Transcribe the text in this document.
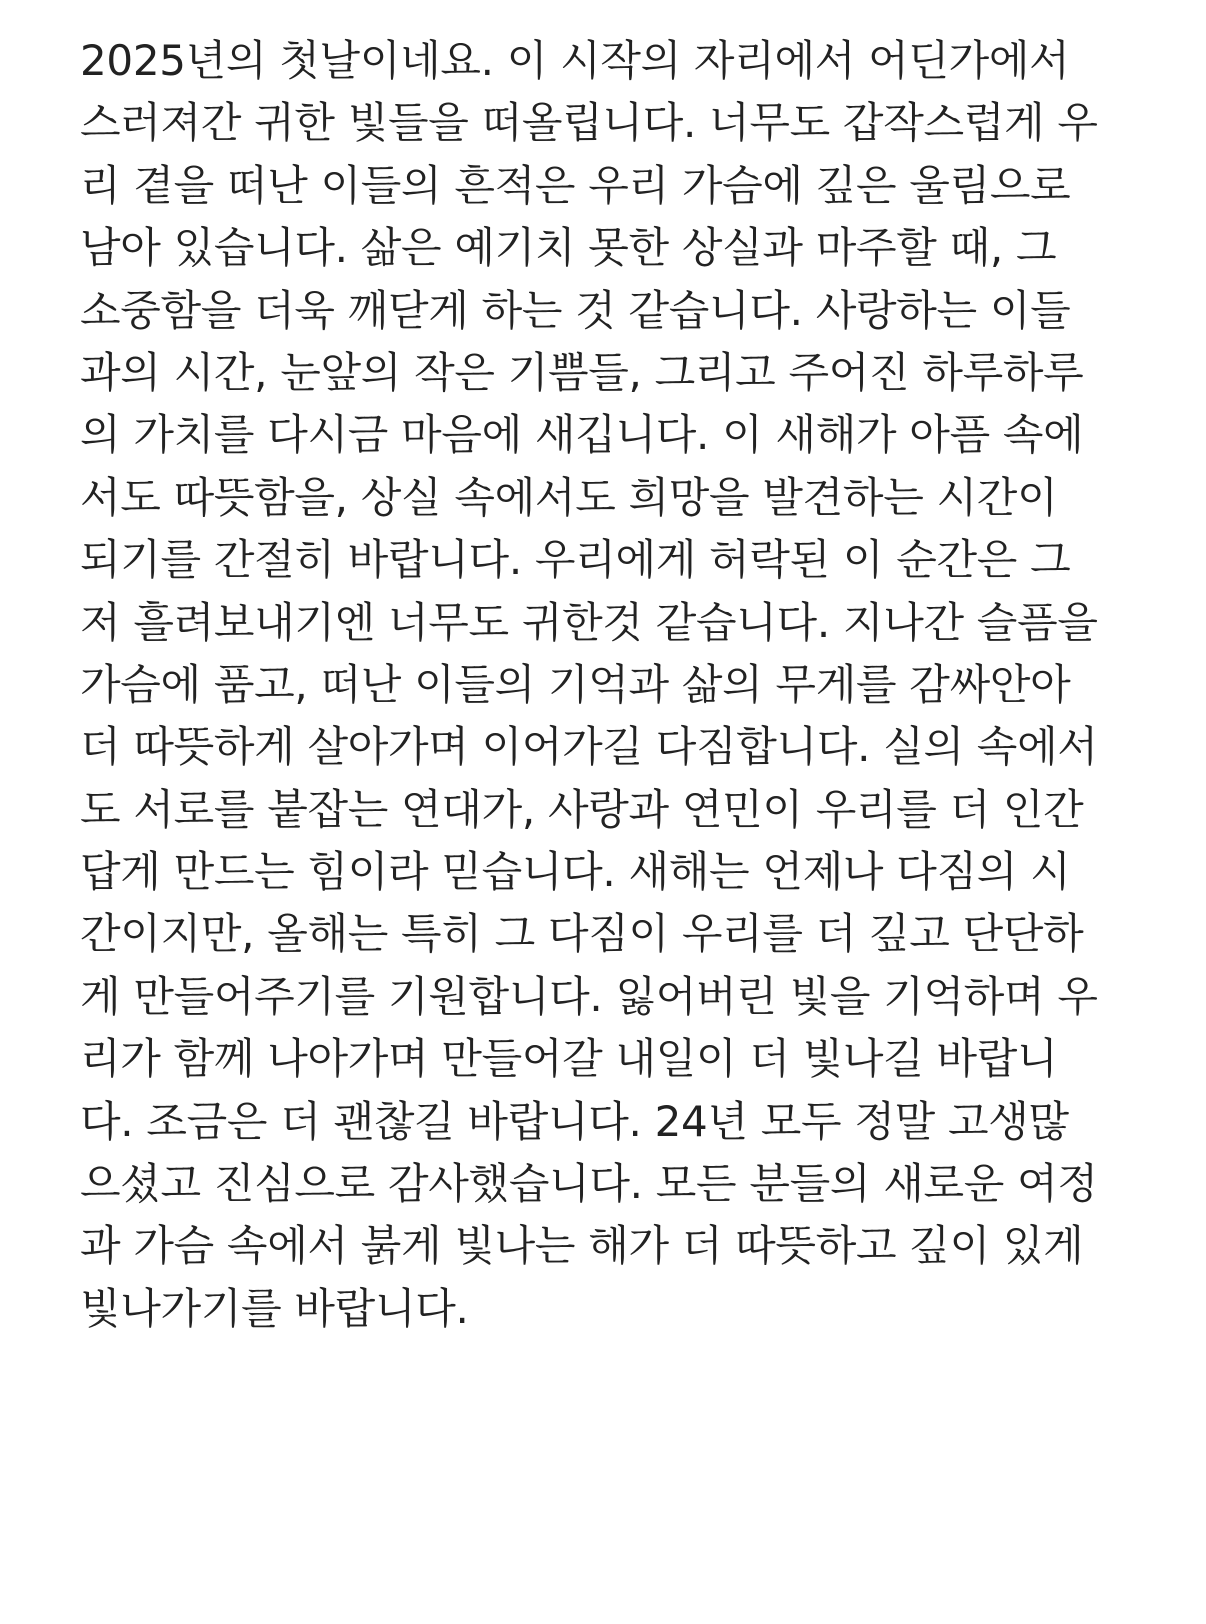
2025년의 첫날이네요. 이 시작의 자리에서 어딘가에서
스러져간 귀한 빛들을 떠올립니다. 너무도 갑작스럽게 우
리 곁을 떠난 이들의 흔적은 우리 가슴에 깊은 울림으로
남아 있습니다. 삶은 예기치 못한 상실과 마주할 때, 그
소중함을 더욱 깨닫게 하는 것 같습니다. 사랑하는 이들
과의 시간, 눈앞의 작은 기쁨들, 그리고 주어진 하루하루
의 가치를 다시금 마음에 새깁니다. 이 새해가 아픔 속에
서도 따뜻함을, 상실 속에서도 희망을 발견하는 시간이
되기를 간절히 바랍니다. 우리에게 허락된 이 순간은 그
저 흘려보내기엔 너무도 귀한것 같습니다. 지나간 슬픔을
가슴에 품고, 떠난 이들의 기억과 삶의 무게를 감싸안아
더 따뜻하게 살아가며 이어가길 다짐합니다. 실의 속에서
도 서로를 붙잡는 연대가, 사랑과 연민이 우리를 더 인간
답게 만드는 힘이라 믿습니다. 새해는 언제나 다짐의 시
간이지만, 올해는 특히 그 다짐이 우리를 더 깊고 단단하
게 만들어주기를 기원합니다. 잃어버린 빛을 기억하며 우
리가 함께 나아가며 만들어갈 내일이 더 빛나길 바랍니
다. 조금은 더 괜찮길 바랍니다. 24년 모두 정말 고생많
으셨고 진심으로 감사했습니다. 모든 분들의 새로운 여정
과 가슴 속에서 붉게 빛나는 해가 더 따뜻하고 깊이 있게
빛나가기를 바랍니다.
